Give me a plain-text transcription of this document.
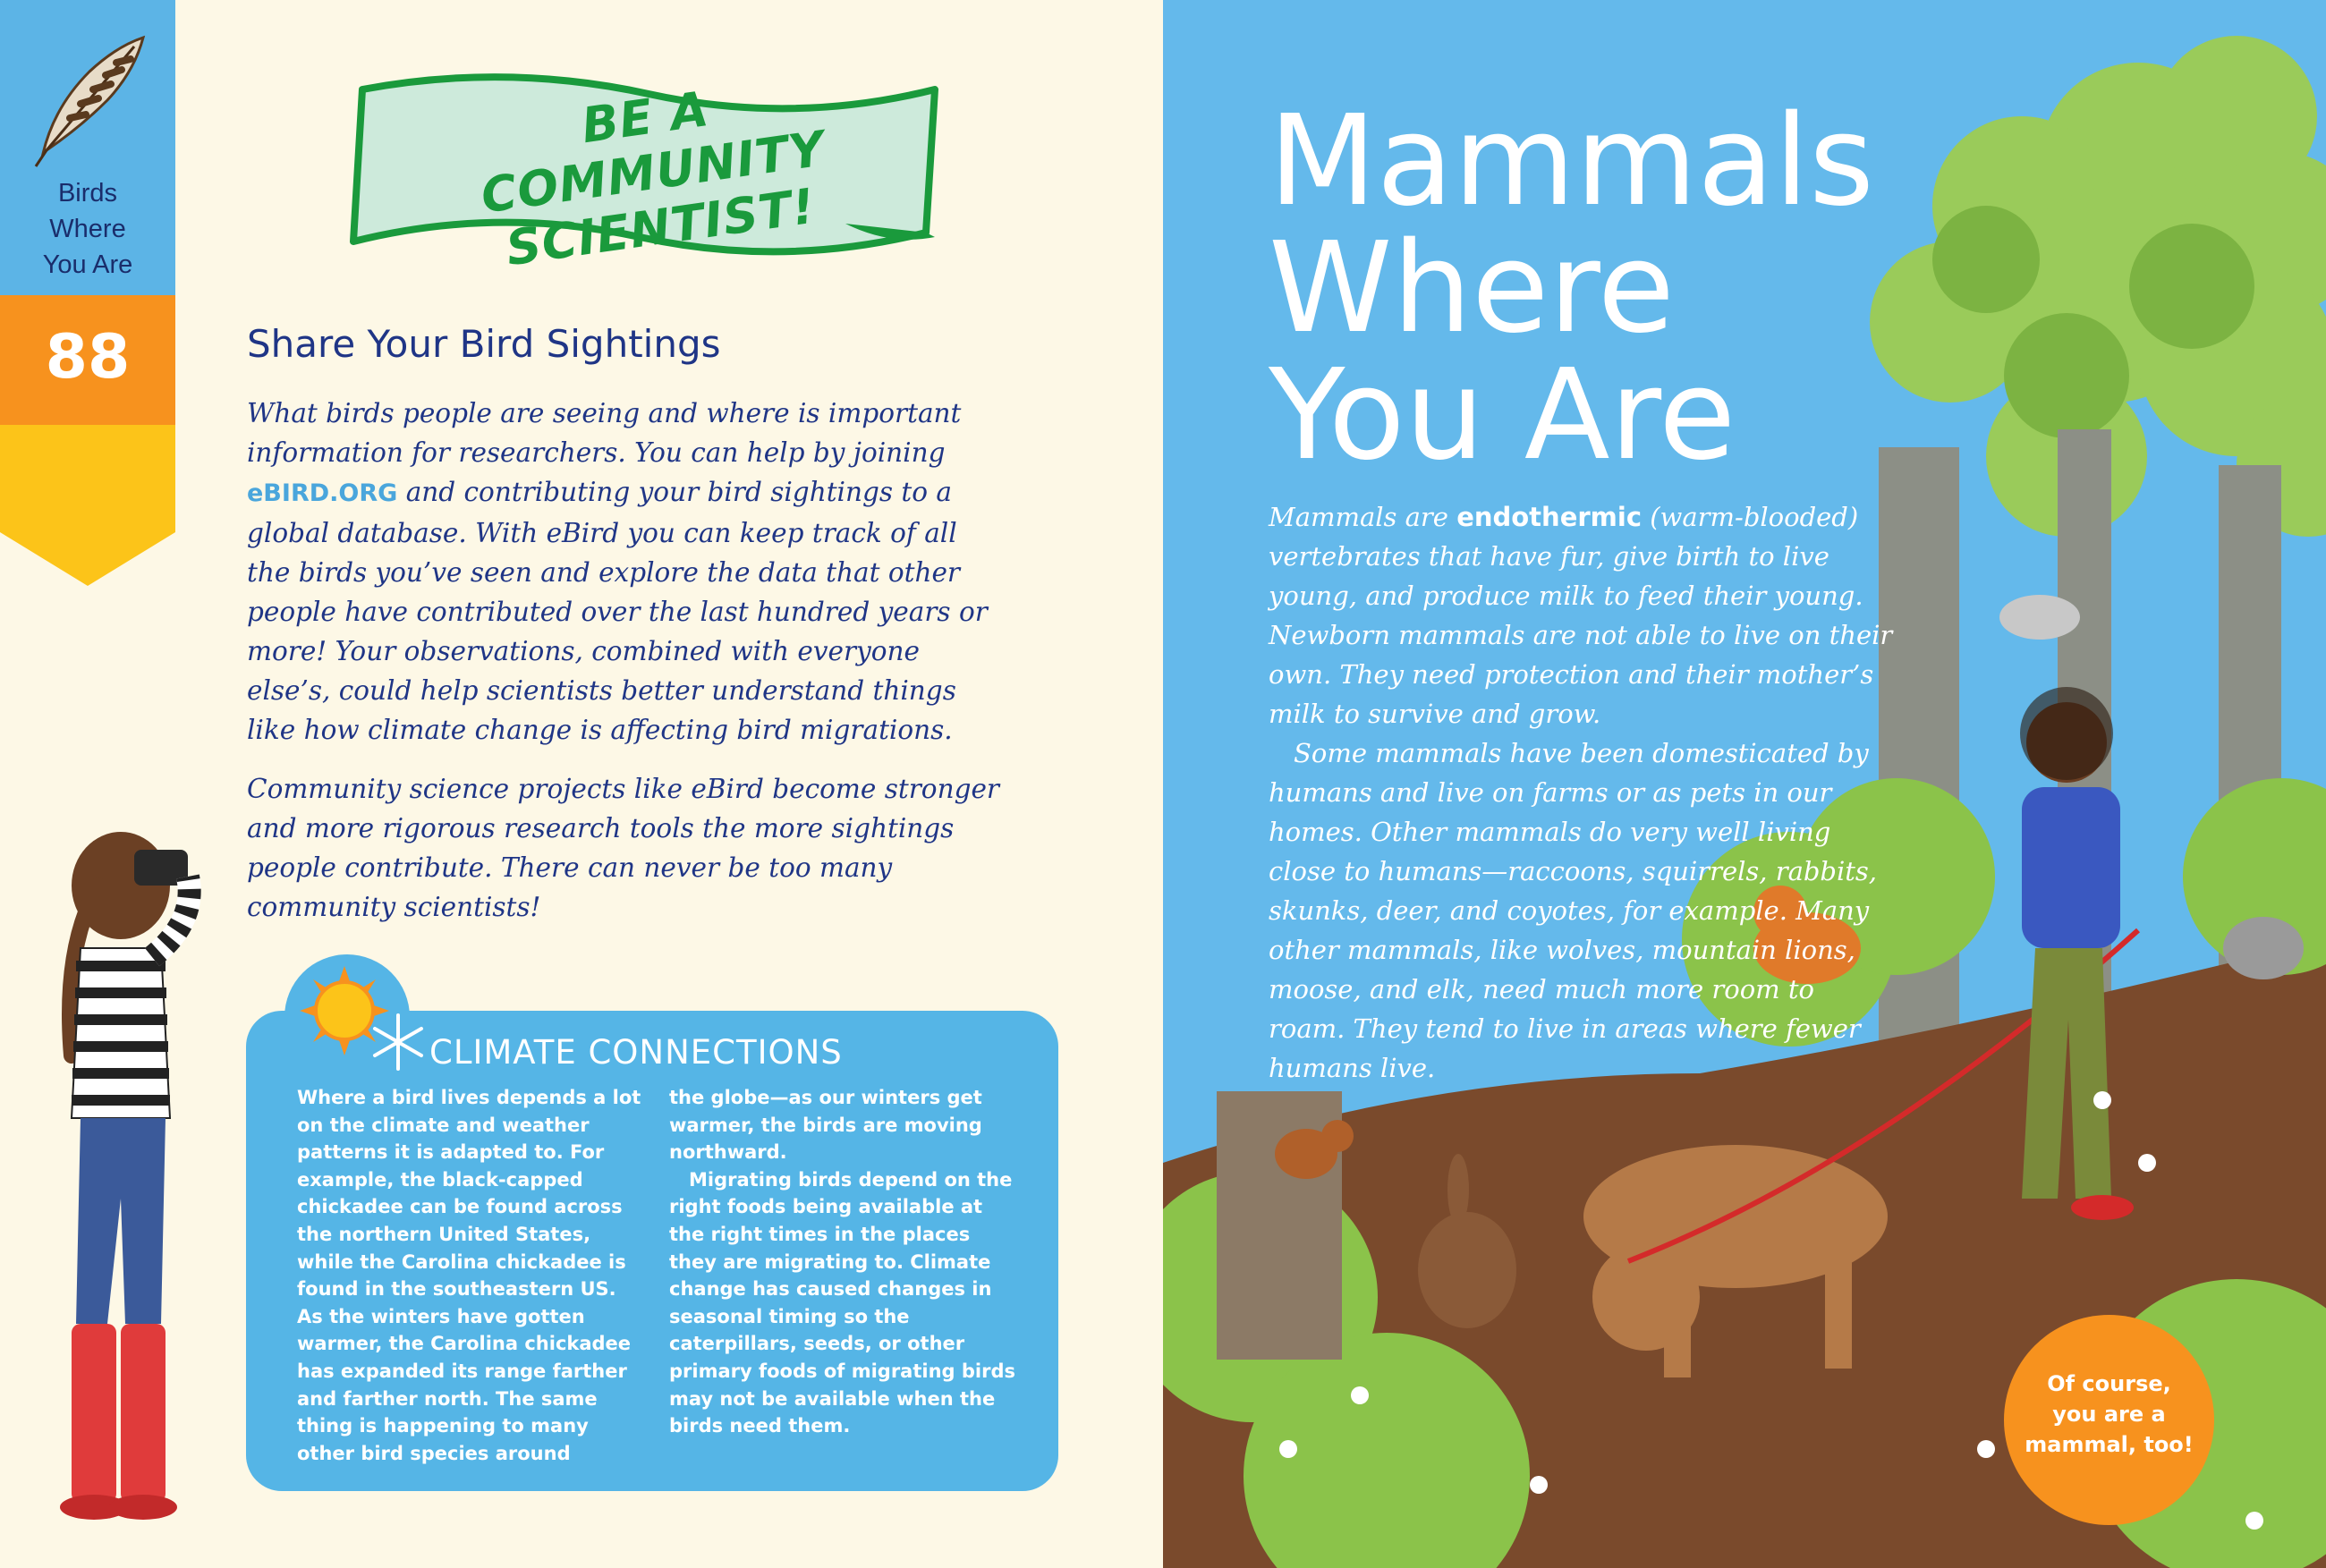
Birds
Where
You Are
88
BE A COMMUNITY SCIENTIST!
Share Your Bird Sightings

What birds people are seeing and where is important information for researchers. You can help by joining eBIRD.ORG and contributing your bird sightings to a global database. With eBird you can keep track of all the birds you’ve seen and explore the data that other people have contributed over the last hundred years or more! Your observations, combined with everyone else’s, could help scientists better understand things like how climate change is affecting bird migrations.

Community science projects like eBird become stronger and more rigorous research tools the more sightings people contribute. There can never be too many community scientists!

CLIMATE CONNECTIONS
Where a bird lives depends a lot on the climate and weather patterns it is adapted to. For example, the black-capped chickadee can be found across the northern United States, while the Carolina chickadee is found in the southeastern US. As the winters have gotten warmer, the Carolina chickadee has expanded its range farther and farther north. The same thing is happening to many other bird species around
the globe—as our winters get warmer, the birds are moving northward.
Migrating birds depend on the right foods being available at the right times in the places they are migrating to. Climate change has caused changes in seasonal timing so the caterpillars, seeds, or other primary foods of migrating birds may not be available when the birds need them.
Mammals
Where
You Are

Mammals are endothermic (warm-blooded) vertebrates that have fur, give birth to live young, and produce milk to feed their young. Newborn mammals are not able to live on their own. They need protection and their mother’s milk to survive and grow.

Some mammals have been domesticated by humans and live on farms or as pets in our homes. Other mammals do very well living close to humans—raccoons, squirrels, rabbits, skunks, deer, and coyotes, for example. Many other mammals, like wolves, mountain lions, moose, and elk, need much more room to roam. They tend to live in areas where fewer humans live.

Of course,
you are a
mammal, too!
